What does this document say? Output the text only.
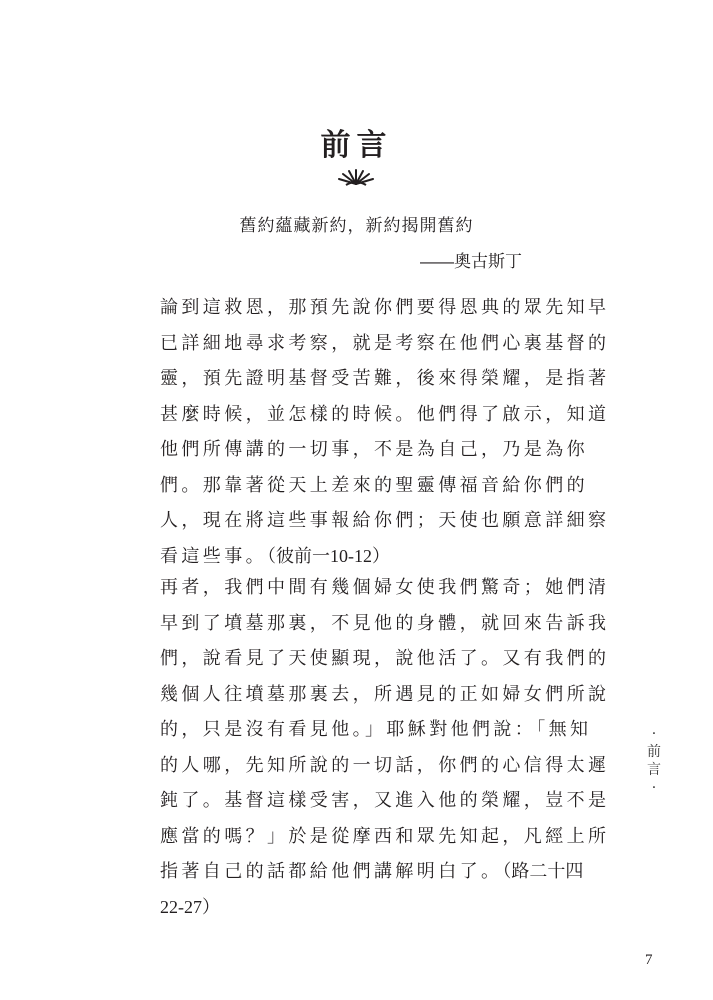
前言
舊約蘊藏新約，新約揭開舊約
——奧古斯丁
論到這救恩，那預先說你們要得恩典的眾先知早
已詳細地尋求考察，就是考察在他們心裏基督的
靈，預先證明基督受苦難，後來得榮耀，是指著
甚麼時候，並怎樣的時候。他們得了啟示，知道
他們所傳講的一切事，不是為自己，乃是為你
們。那靠著從天上差來的聖靈傳福音給你們的
人，現在將這些事報給你們；天使也願意詳細察
看這些事。（彼前一10-12）
再者，我們中間有幾個婦女使我們驚奇；她們清
早到了墳墓那裏，不見他的身體，就回來告訴我
們，說看見了天使顯現，說他活了。又有我們的
幾個人往墳墓那裏去，所遇見的正如婦女們所說
的，只是沒有看見他。」耶穌對他們說：「無知
的人哪，先知所說的一切話，你們的心信得太遲
鈍了。基督這樣受害，又進入他的榮耀，豈不是
應當的嗎？」於是從摩西和眾先知起，凡經上所
指著自己的話都給他們講解明白了。（路二十四
22-27）
·
前
言
·
7
